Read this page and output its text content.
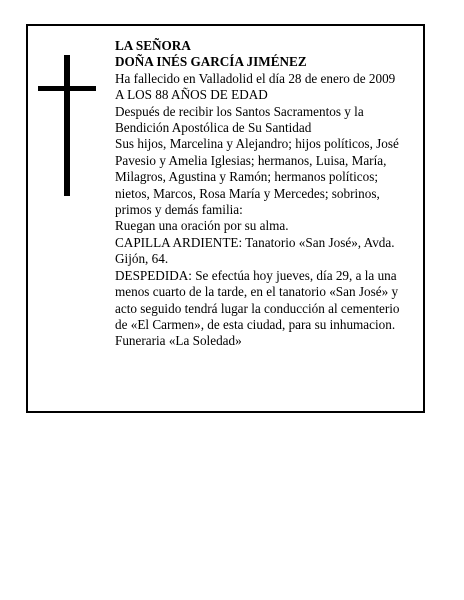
LA SEÑORA

DOÑA INÉS GARCÍA JIMÉNEZ

Ha fallecido en Valladolid el día 28 de enero de 2009

A LOS 88 AÑOS DE EDAD

Después de recibir los Santos Sacramentos y la Bendición Apostólica de Su Santidad

Sus hijos, Marcelina y Alejandro; hijos políticos, José Pavesio y Amelia Iglesias; hermanos, Luisa, María, Milagros, Agustina y Ramón; hermanos políticos; nietos, Marcos, Rosa María y Mercedes; sobrinos, primos y demás familia:

Ruegan una oración por su alma.

CAPILLA ARDIENTE: Tanatorio «San José», Avda. Gijón, 64.

DESPEDIDA: Se efectúa hoy jueves, día 29, a la una menos cuarto de la tarde, en el tanatorio «San José» y acto seguido tendrá lugar la conducción al cementerio de «El Carmen», de esta ciudad, para su inhumacion.

Funeraria «La Soledad»
